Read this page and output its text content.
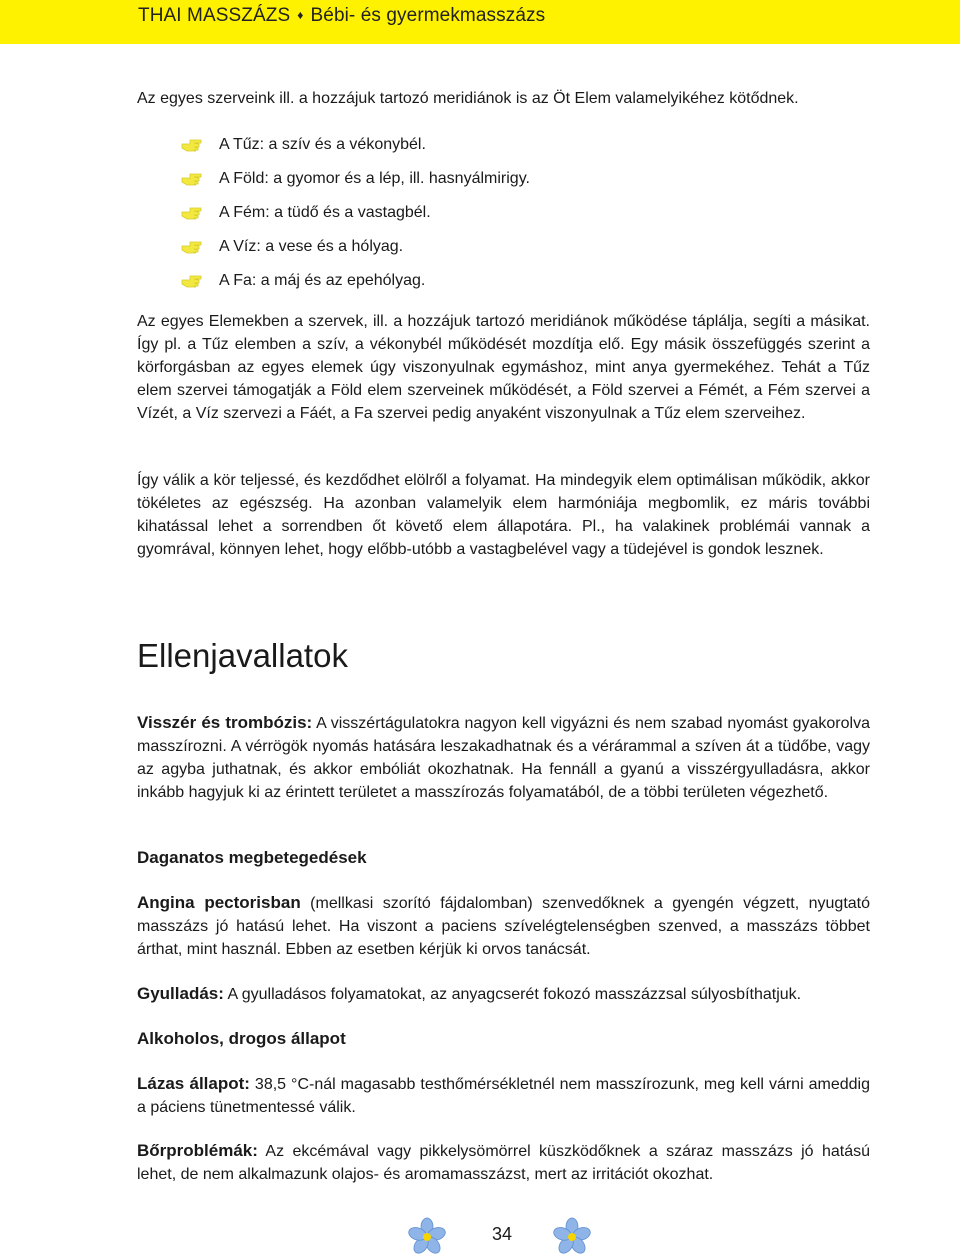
THAI MASSZÁZS ♦ Bébi- és gyermekmasszázs

Az egyes szerveink ill. a hozzájuk tartozó meridiánok is az Öt Elem valamelyikéhez kötődnek.

A Tűz: a szív és a vékonybél.
A Föld: a gyomor és a lép, ill. hasnyálmirigy.
A Fém: a tüdő és a vastagbél.
A Víz: a vese és a hólyag.
A Fa: a máj és az epehólyag.

Az egyes Elemekben a szervek, ill. a hozzájuk tartozó meridiánok működése táplálja, segíti a másikat. Így pl. a Tűz elemben a szív, a vékonybél működését mozdítja elő. Egy másik összefüggés szerint a körforgásban az egyes elemek úgy viszonyulnak egymáshoz, mint anya gyermekéhez. Tehát a Tűz elem szervei támogatják a Föld elem szerveinek működését, a Föld szervei a Fémét, a Fém szervei a Vízét, a Víz szervezi a Fáét, a Fa szervei pedig anyaként viszonyulnak a Tűz elem szerveihez.

Így válik a kör teljessé, és kezdődhet elölről a folyamat. Ha mindegyik elem optimálisan működik, akkor tökéletes az egészség. Ha azonban valamelyik elem harmóniája megbomlik, ez máris további kihatással lehet a sorrendben őt követő elem állapotára. Pl., ha valakinek problémái vannak a gyomrával, könnyen lehet, hogy előbb-utóbb a vastagbelével vagy a tüdejével is gondok lesznek.

Ellenjavallatok

Visszér és trombózis: A visszértágulatokra nagyon kell vigyázni és nem szabad nyomást gyakorolva masszírozni. A vérrögök nyomás hatására leszakadhatnak és a vérárammal a szíven át a tüdőbe, vagy az agyba juthatnak, és akkor embóliát okozhatnak. Ha fennáll a gyanú a visszérgyulladásra, akkor inkább hagyjuk ki az érintett területet a masszírozás folyamatából, de a többi területen végezhető.

Daganatos megbetegedések

Angina pectorisban (mellkasi szorító fájdalomban) szenvedőknek a gyengén végzett, nyugtató masszázs jó hatású lehet. Ha viszont a paciens szívelégtelenségben szenved, a masszázs többet árthat, mint használ. Ebben az esetben kérjük ki orvos tanácsát.

Gyulladás: A gyulladásos folyamatokat, az anyagcserét fokozó masszázzsal súlyosbíthatjuk.

Alkoholos, drogos állapot

Lázas állapot: 38,5 °C-nál magasabb testhőmérsékletnél nem masszírozunk, meg kell várni ameddig a páciens tünetmentessé válik.

Bőrproblémák: Az ekcémával vagy pikkelysömörrel küszködőknek a száraz masszázs jó hatású lehet, de nem alkalmazunk olajos- és aromamasszázst, mert az irritációt okozhat.

34
